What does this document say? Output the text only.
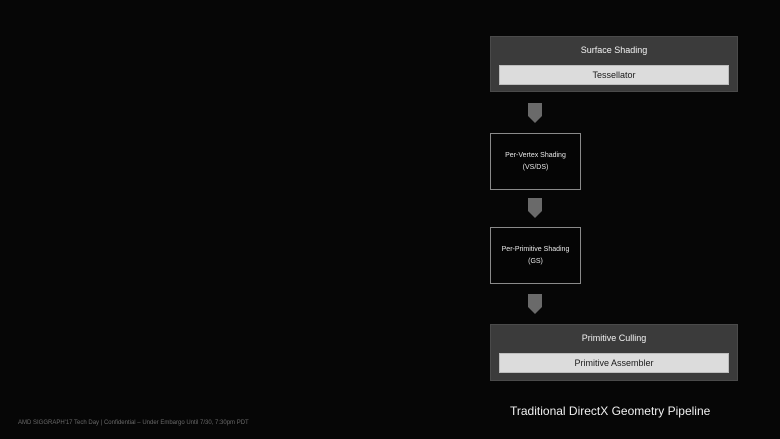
Surface Shading
Tessellator
Per-Vertex Shading
(VS/DS)
Per-Primitive Shading
(GS)
Primitive Culling
Primitive Assembler
Traditional DirectX Geometry Pipeline
AMD SIGGRAPH'17 Tech Day | Confidential – Under Embargo Until 7/30, 7:30pm PDT
